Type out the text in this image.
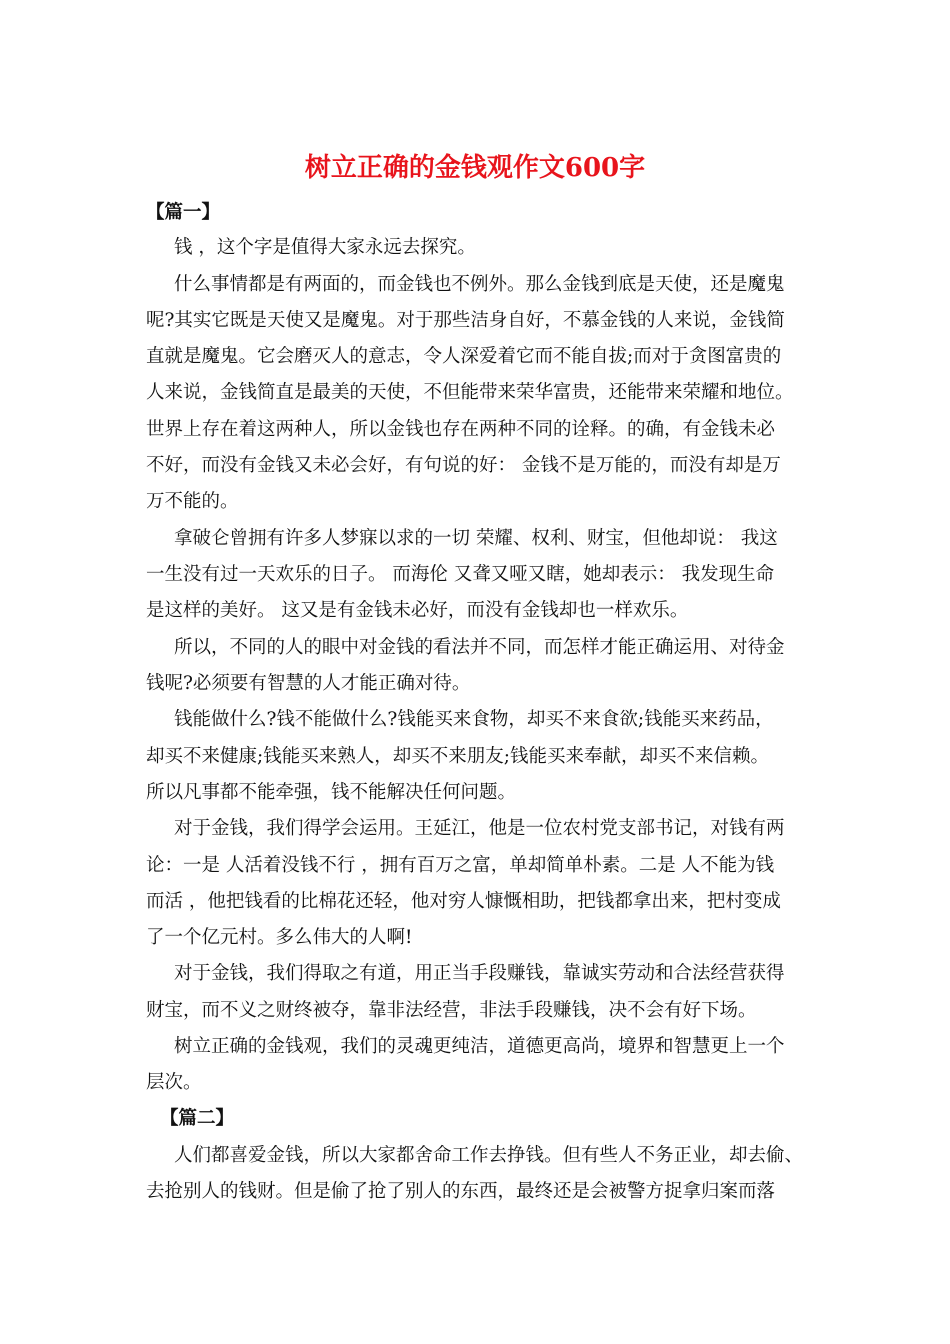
树立正确的金钱观作文600字
【篇一】
钱 ，这个字是值得大家永远去探究。
什么事情都是有两面的，而金钱也不例外。那么金钱到底是天使，还是魔鬼
呢?其实它既是天使又是魔鬼。对于那些洁身自好，不慕金钱的人来说，金钱简
直就是魔鬼。它会磨灭人的意志，令人深爱着它而不能自拔;而对于贪图富贵的
人来说，金钱简直是最美的天使，不但能带来荣华富贵，还能带来荣耀和地位。
世界上存在着这两种人，所以金钱也存在两种不同的诠释。的确，有金钱未必
不好，而没有金钱又未必会好，有句说的好： 金钱不是万能的，而没有却是万
万不能的。
拿破仑曾拥有许多人梦寐以求的一切 荣耀、权利、财宝，但他却说： 我这
一生没有过一天欢乐的日子。 而海伦 又聋又哑又瞎，她却表示： 我发现生命
是这样的美好。 这又是有金钱未必好，而没有金钱却也一样欢乐。
所以，不同的人的眼中对金钱的看法并不同，而怎样才能正确运用、对待金
钱呢?必须要有智慧的人才能正确对待。
钱能做什么?钱不能做什么?钱能买来食物，却买不来食欲;钱能买来药品，
却买不来健康;钱能买来熟人，却买不来朋友;钱能买来奉献，却买不来信赖。
所以凡事都不能牵强，钱不能解决任何问题。
对于金钱，我们得学会运用。王延江，他是一位农村党支部书记，对钱有两
论：一是 人活着没钱不行 ，拥有百万之富，单却简单朴素。二是 人不能为钱
而活 ，他把钱看的比棉花还轻，他对穷人慷慨相助，把钱都拿出来，把村变成
了一个亿元村。多么伟大的人啊!
对于金钱，我们得取之有道，用正当手段赚钱，靠诚实劳动和合法经营获得
财宝，而不义之财终被夺，靠非法经营，非法手段赚钱，决不会有好下场。
树立正确的金钱观，我们的灵魂更纯洁，道德更高尚，境界和智慧更上一个
层次。
【篇二】
人们都喜爱金钱，所以大家都舍命工作去挣钱。但有些人不务正业，却去偷、
去抢别人的钱财。但是偷了抢了别人的东西，最终还是会被警方捉拿归案而落
